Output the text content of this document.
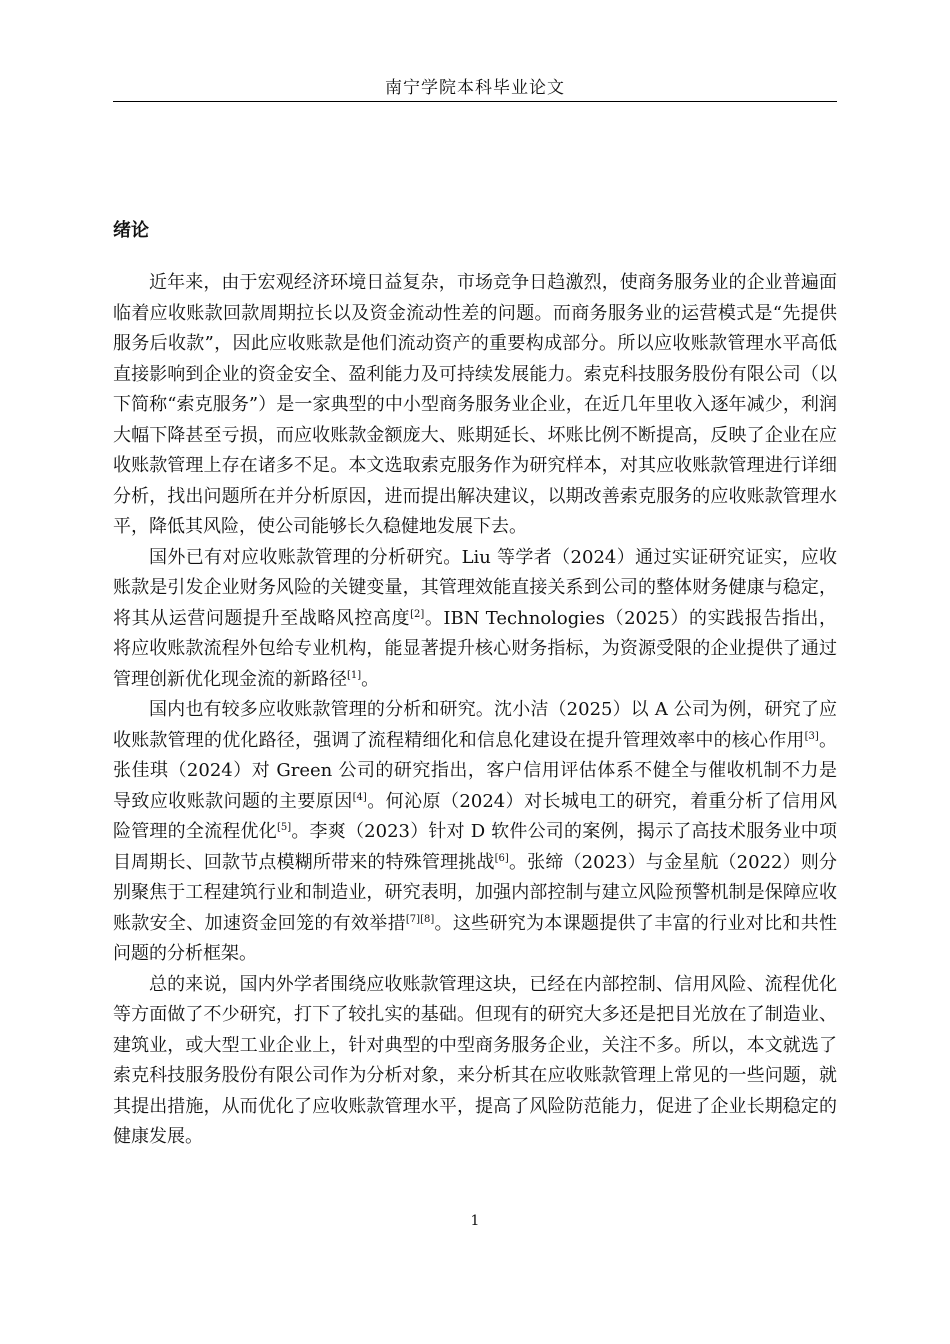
南宁学院本科毕业论文
绪论

近年来，由于宏观经济环境日益复杂，市场竞争日趋激烈，使商务服务业的企业普遍面临着应收账款回款周期拉长以及资金流动性差的问题。而商务服务业的运营模式是“先提供服务后收款”，因此应收账款是他们流动资产的重要构成部分。所以应收账款管理水平高低直接影响到企业的资金安全、盈利能力及可持续发展能力。索克科技服务股份有限公司（以下简称“索克服务”）是一家典型的中小型商务服务业企业，在近几年里收入逐年减少，利润大幅下降甚至亏损，而应收账款金额庞大、账期延长、坏账比例不断提高，反映了企业在应收账款管理上存在诸多不足。本文选取索克服务作为研究样本，对其应收账款管理进行详细分析，找出问题所在并分析原因，进而提出解决建议，以期改善索克服务的应收账款管理水平，降低其风险，使公司能够长久稳健地发展下去。

国外已有对应收账款管理的分析研究。Liu 等学者（2024）通过实证研究证实，应收账款是引发企业财务风险的关键变量，其管理效能直接关系到公司的整体财务健康与稳定，将其从运营问题提升至战略风控高度[2]。IBN Technologies（2025）的实践报告指出，将应收账款流程外包给专业机构，能显著提升核心财务指标，为资源受限的企业提供了通过管理创新优化现金流的新路径[1]。

国内也有较多应收账款管理的分析和研究。沈小洁（2025）以 A 公司为例，研究了应收账款管理的优化路径，强调了流程精细化和信息化建设在提升管理效率中的核心作用[3]。张佳琪（2024）对 Green 公司的研究指出，客户信用评估体系不健全与催收机制不力是导致应收账款问题的主要原因[4]。何沁原（2024）对长城电工的研究，着重分析了信用风险管理的全流程优化[5]。李爽（2023）针对 D 软件公司的案例，揭示了高技术服务业中项目周期长、回款节点模糊所带来的特殊管理挑战[6]。张缔（2023）与金星航（2022）则分别聚焦于工程建筑行业和制造业，研究表明，加强内部控制与建立风险预警机制是保障应收账款安全、加速资金回笼的有效举措[7][8]。这些研究为本课题提供了丰富的行业对比和共性问题的分析框架。

总的来说，国内外学者围绕应收账款管理这块，已经在内部控制、信用风险、流程优化等方面做了不少研究，打下了较扎实的基础。但现有的研究大多还是把目光放在了制造业、建筑业，或大型工业企业上，针对典型的中型商务服务企业，关注不多。所以，本文就选了索克科技服务股份有限公司作为分析对象，来分析其在应收账款管理上常见的一些问题，就其提出措施，从而优化了应收账款管理水平，提高了风险防范能力，促进了企业长期稳定的健康发展。

1
